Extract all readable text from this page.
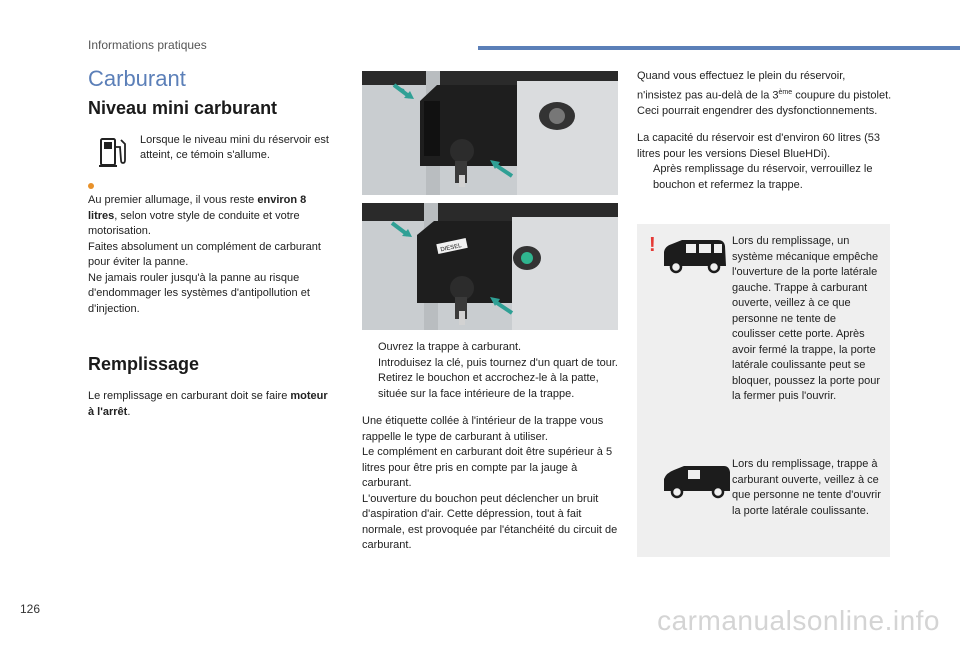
Informations pratiques
Carburant
Niveau mini carburant
Lorsque le niveau mini du réservoir est atteint, ce témoin s'allume.
Au premier allumage, il vous reste environ 8 litres, selon votre style de conduite et votre motorisation.
Faites absolument un complément de carburant pour éviter la panne.
Ne jamais rouler jusqu'à la panne au risque d'endommager les systèmes d'antipollution et d'injection.
Remplissage
Le remplissage en carburant doit se faire moteur à l'arrêt.
DIESEL
Ouvrez la trappe à carburant.
Introduisez la clé, puis tournez d'un quart de tour.
Retirez le bouchon et accrochez-le à la patte, située sur la face intérieure de la trappe.
Une étiquette collée à l'intérieur de la trappe vous rappelle le type de carburant à utiliser.
Le complément en carburant doit être supérieur à 5 litres pour être pris en compte par la jauge à carburant.
L'ouverture du bouchon peut déclencher un bruit d'aspiration d'air. Cette dépression, tout à fait normale, est provoquée par l'étanchéité du circuit de carburant.
Quand vous effectuez le plein du réservoir, n'insistez pas au-delà de la 3ème coupure du pistolet. Ceci pourrait engendrer des dysfonctionnements.
La capacité du réservoir est d'environ 60 litres (53 litres pour les versions Diesel BlueHDi).
Après remplissage du réservoir, verrouillez le bouchon et refermez la trappe.
!	Lors du remplissage, un système mécanique empêche l'ouverture de la porte latérale gauche. Trappe à carburant ouverte, veillez à ce que personne ne tente de coulisser cette porte. Après avoir fermé la trappe, la porte latérale coulissante peut se bloquer, poussez la porte pour la fermer puis l'ouvrir.
Lors du remplissage, trappe à carburant ouverte, veillez à ce que personne ne tente d'ouvrir la porte latérale coulissante.
126	carmanualsonline.info
